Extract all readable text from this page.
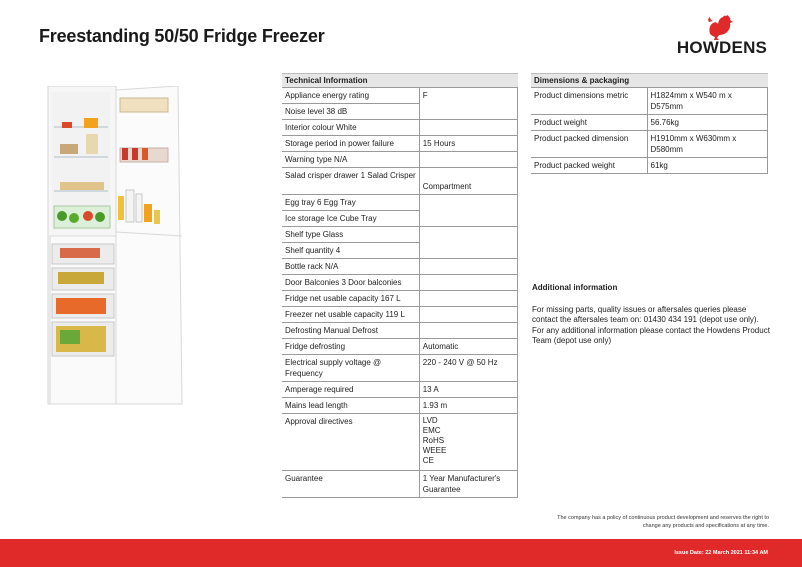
Freestanding 50/50 Fridge Freezer
HOWDENS
Technical Information	
Appliance energy rating	F
Noise level 38 dB	
Interior colour White	
Storage period in power failure	15 Hours
Warning type N/A	
Salad crisper drawer 1 Salad Crisper	Compartment
Egg tray 6 Egg Tray	
Ice storage Ice Cube Tray	
Shelf type Glass	
Shelf quantity 4	
Bottle rack N/A	
Door Balconies 3 Door balconies	
Fridge net usable capacity 167 L	
Freezer net usable capacity 119 L	
Defrosting Manual Defrost	
Fridge defrosting	Automatic
Electrical supply voltage @ Frequency	220 - 240 V @ 50 Hz
Amperage required	13 A
Mains lead length	1.93 m
Approval directives	LVD
EMC
RoHS
WEEE
CE

Guarantee	1 Year Manufacturer's Guarantee
Dimensions & packaging	
Product dimensions metric	H1824mm x W540 m x D575mm
Product weight	56.76kg
Product packed dimension	H1910mm x W630mm x D580mm
Product packed weight	61kg
Additional information
For missing parts, quality issues or aftersales queries please contact the aftersales team on: 01430 434 191 (depot use only). For any additional information please contact the Howdens Product Team (depot use only)
The company has a policy of continuous product development and reserves the right to change any products and specifications at any time.
Issue Date: 22 March 2021 11:34 AM
